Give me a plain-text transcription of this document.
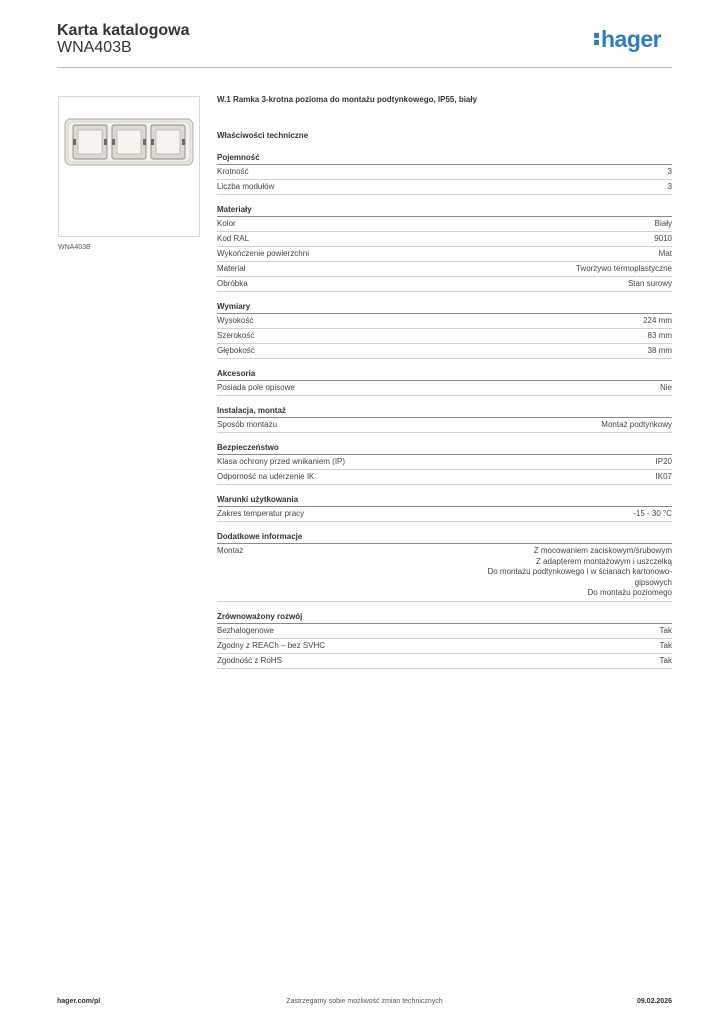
Karta katalogowa
WNA403B	hager
WNA403B
W.1 Ramka 3-krotna pozioma do montażu podtynkowego, IP55, biały
Właściwości techniczne
Pojemność
Krotność	3
Liczba modułów	3
Materiały
Kolor	Biały
Kod RAL	9010
Wykończenie powierzchni	Mat
Materiał	Tworzywo termoplastyczne
Obróbka	Stan surowy
Wymiary
Wysokość	224 mm
Szerokość	83 mm
Głębokość	38 mm
Akcesoria
Posiada pole opisowe	Nie
Instalacja, montaż
Sposób montażu	Montaż podtynkowy
Bezpieczeństwo
Klasa ochrony przed wnikaniem (IP)	IP20
Odporność na uderzenie IK	IK07
Warunki użytkowania
Zakres temperatur pracy	-15 - 30 °C
Dodatkowe informacje
Montaż	Z mocowaniem zaciskowym/śrubowym
Z adapterem montażowym i uszczelką
Do montażu podtynkowego i w ścianach kartonowo-
gipsowych
Do montażu poziomego
Zrównoważony rozwój
Bezhalogenowe	Tak
Zgodny z REACh – bez SVHC	Tak
Zgodność z RoHS	Tak
hager.com/pl	Zastrzegamy sobie możliwość zmian technicznych	09.02.2026
